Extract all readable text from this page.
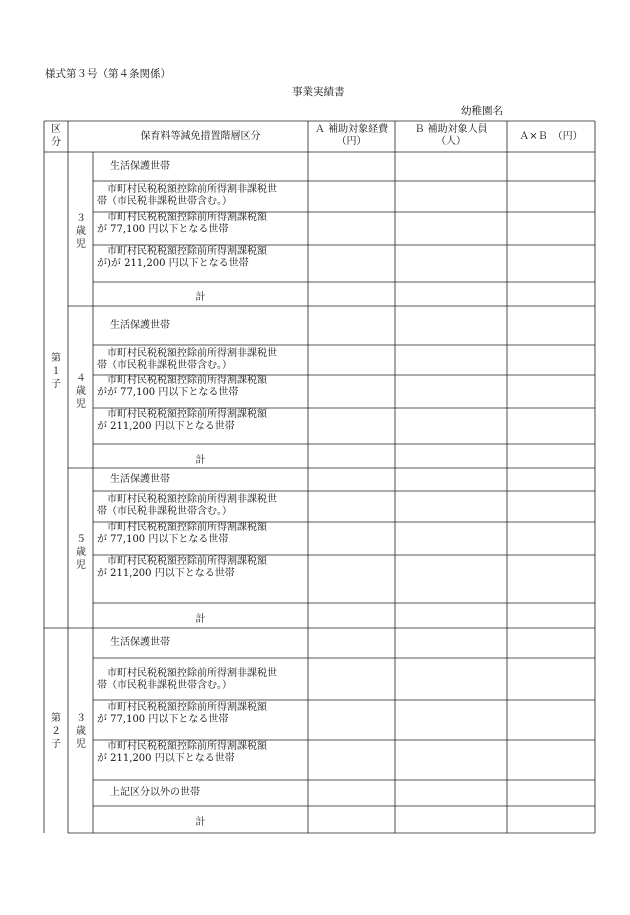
様式第３号（第４条関係）
事業実績書
幼稚園名
区分
保育料等減免措置階層区分
Ａ 補助対象経費
（円）
Ｂ 補助対象人員
（人）	Ａ×Ｂ　（円）
第１子
第２子
３歳児
４歳児
５歳児
３歳児
生活保護世帯
市町村民税税額控除前所得割非課税世
帯（市民税非課税世帯含む。）
市町村民税税額控除前所得割課税額
が 77,100 円以下となる世帯
市町村民税税額控除前所得割課税額
が)が 211,200 円以下となる世帯
計
生活保護世帯
市町村民税税額控除前所得割非課税世
帯（市民税非課税世帯含む。）
市町村民税税額控除前所得割課税額
がが 77,100 円以下となる世帯
市町村民税税額控除前所得割課税額
が 211,200 円以下となる世帯
計
生活保護世帯
市町村民税税額控除前所得割非課税世
帯（市民税非課税世帯含む。）
市町村民税税額控除前所得割課税額
が 77,100 円以下となる世帯
市町村民税税額控除前所得割課税額
が 211,200 円以下となる世帯
計
生活保護世帯
市町村民税税額控除前所得割非課税世
帯（市民税非課税世帯含む。）
市町村民税税額控除前所得割課税額
が 77,100 円以下となる世帯
市町村民税税額控除前所得割課税額
が 211,200 円以下となる世帯
上記区分以外の世帯
計
